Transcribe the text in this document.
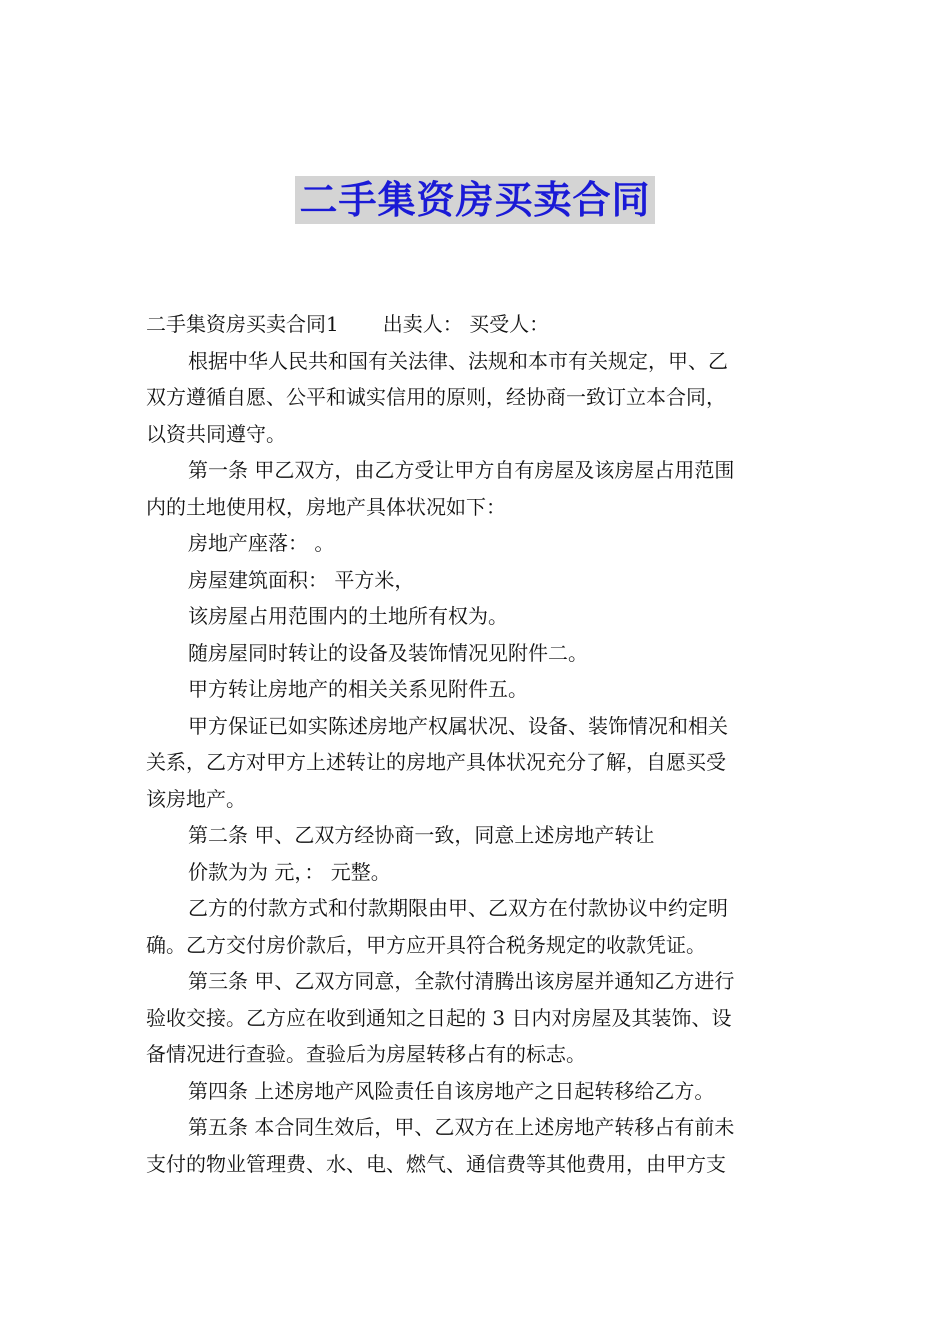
二手集资房买卖合同
二手集资房买卖合同1 出卖人： 买受人：
根据中华人民共和国有关法律、法规和本市有关规定，甲、乙
双方遵循自愿、公平和诚实信用的原则，经协商一致订立本合同，
以资共同遵守。
第一条 甲乙双方，由乙方受让甲方自有房屋及该房屋占用范围
内的土地使用权，房地产具体状况如下：
房地产座落： 。
房屋建筑面积： 平方米，
该房屋占用范围内的土地所有权为。
随房屋同时转让的设备及装饰情况见附件二。
甲方转让房地产的相关关系见附件五。
甲方保证已如实陈述房地产权属状况、设备、装饰情况和相关
关系，乙方对甲方上述转让的房地产具体状况充分了解，自愿买受
该房地产。
第二条 甲、乙双方经协商一致，同意上述房地产转让
价款为为 元，： 元整。
乙方的付款方式和付款期限由甲、乙双方在付款协议中约定明
确。乙方交付房价款后，甲方应开具符合税务规定的收款凭证。
第三条 甲、乙双方同意，全款付清腾出该房屋并通知乙方进行
验收交接。乙方应在收到通知之日起的 3 日内对房屋及其装饰、设
备情况进行查验。查验后为房屋转移占有的标志。
第四条 上述房地产风险责任自该房地产之日起转移给乙方。
第五条 本合同生效后，甲、乙双方在上述房地产转移占有前未
支付的物业管理费、水、电、燃气、通信费等其他费用，由甲方支
